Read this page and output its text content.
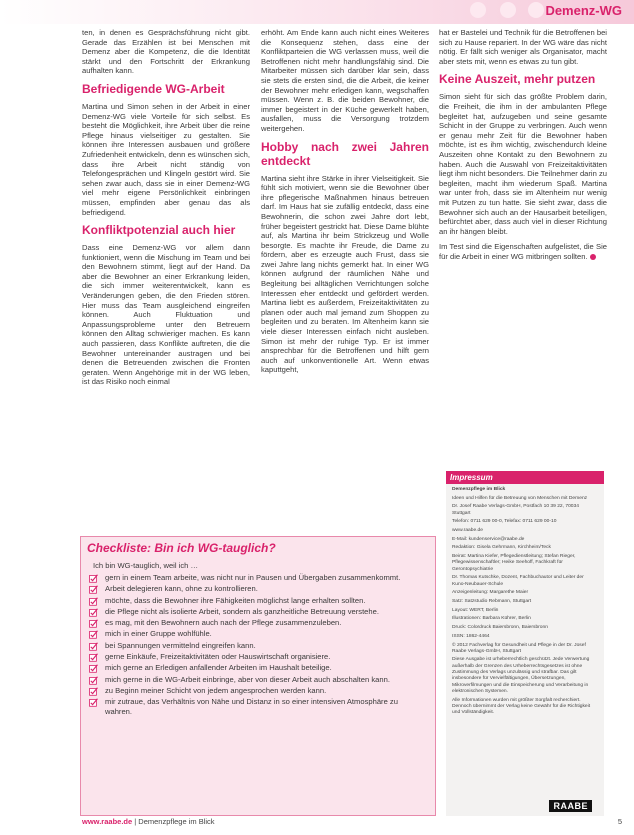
Demenz-WG

ten, in denen es Gesprächsführung nicht gibt. Gerade das Erzählen ist bei Menschen mit Demenz aber die Kompetenz, die die Identität stärkt und den Fortschritt der Erkrankung aufhalten kann.

Befriedigende WG-Arbeit

Martina und Simon sehen in der Arbeit in einer Demenz-WG viele Vorteile für sich selbst. Es besteht die Möglichkeit, ihre Arbeit über die reine Pflege hinaus vielseitiger zu gestalten. Sie können ihre Interessen ausbauen und größere Zufriedenheit entwickeln, denn es wünschen sich, dass ihre Arbeit nicht ständig von Telefongesprächen und Klingeln gestört wird. Sie sehen zwar auch, dass sie in einer Demenz-WG viel mehr eigene Persönlichkeit einbringen müssen, empfinden aber genau das als befriedigend.

Konfliktpotenzial auch hier

Dass eine Demenz-WG vor allem dann funktioniert, wenn die Mischung im Team und bei den Bewohnern stimmt, liegt auf der Hand. Da aber die Bewohner an einer Erkrankung leiden, die sich immer weiterentwickelt, kann es Veränderungen geben, die den Frieden stören. Hier muss das Team ausgleichend eingreifen können. Auch Fluktuation und Anpassungsprobleme unter den Betreuern können den Alltag schwieriger machen. Es kann auch passieren, dass Konflikte auftreten, die die Bewohner untereinander austragen und bei denen die Betreuenden zwischen die Fronten geraten. Wenn Angehörige mit in der WG leben, ist das Risiko noch einmal

erhöht. Am Ende kann auch nicht eines Weiteres die Konsequenz stehen, dass eine der Konfliktparteien die WG verlassen muss, weil die Betroffenen nicht mehr handlungsfähig sind. Die Mitarbeiter müssen sich darüber klar sein, dass sie stets die ersten sind, die die Arbeit, die keiner der Bewohner mehr erledigen kann, wegschaffen müssen. Wenn z. B. die beiden Bewohner, die immer begeistert in der Küche gewerkelt haben, ausfallen, muss die Versorgung trotzdem weitergehen.

Hobby nach zwei Jahren entdeckt

Martina sieht ihre Stärke in ihrer Vielseitigkeit. Sie fühlt sich motiviert, wenn sie die Bewohner über ihre pflegerische Maßnahmen hinaus betreuen darf. Im Haus hat sie zufällig entdeckt, dass eine Bewohnerin, die schon zwei Jahre dort lebt, früher begeistert gestrickt hat. Diese Dame blühte auf, als Martina ihr beim Strickzeug und Wolle besorgte. Es machte ihr Freude, die Dame zu fördern, aber es erzeugte auch Frust, dass sie zwei Jahre lang nichts gemerkt hat. In einer WG können aufgrund der räumlichen Nähe und Begleitung bei alltäglichen Verrichtungen solche Interessen eher entdeckt und gefördert werden. Martina liebt es außerdem, Freizeitaktivitäten zu planen oder auch mal jemand zum Shoppen zu begleiten und zu beraten. Im Altenheim kann sie viele dieser Interessen einfach nicht ausleben. Simon ist mehr der ruhige Typ. Er ist immer ansprechbar für die Betroffenen und hilft gern auch auf unkonventionelle Art. Wenn etwas kaputtgeht,

hat er Bastelei und Technik für die Betroffenen bei sich zu Hause repariert. In der WG wäre das nicht nötig. Er fällt sich weniger als Organisator, macht aber stets mit, wenn es etwas zu tun gibt.

Keine Auszeit, mehr putzen

Simon sieht für sich das größte Problem darin, die Freiheit, die ihm in der ambulanten Pflege begleitet hat, aufzugeben und seine gesamte Schicht in der Gruppe zu verbringen. Auch wenn er genau mehr Zeit für die Bewohner haben möchte, ist es ihm wichtig, zwischendurch kleine Auszeiten ohne Kontakt zu den Bewohnern zu haben. Auch die Auswahl von Freizeitaktivitäten liegt ihm nicht besonders. Die Teilnehmer darin zu begleiten, macht ihm wiederum Spaß. Martina war unter froh, dass sie im Altenheim nur wenig mit Putzen zu tun hatte. Sie sieht zwar, dass die Bewohner sich auch an der Hausarbeit beteiligen, befürchtet aber, dass auch viel in dieser Richtung an ihr hängen bleibt.

Im Test sind die Eigenschaften aufgelistet, die Sie für die Arbeit in einer WG mitbringen sollten.

Impressum

Demenzpflege im Blick

Ideen und Hilfen für die Betreuung von Menschen mit Demenz

Dr. Josef Raabe Verlags-GmbH, Postfach 10 39 22, 70034 Stuttgart

Telefon: 0711 629 00-0, Telefax: 0711 629 00-10

www.raabe.de

E-Mail: kundenservice@raabe.de

Redaktion: Gisela Gehrmann, Kirchheim/Teck

Beirat: Martina Kiefer, Pflegedienstleitung; Stefan Rieger, Pflegewissenschaftler; Heike Seehoff, Fachkraft für Gerontopsychiatrie

Dr. Thomas Kutschke, Dozent, Fachbuchautor und Leiter der Kuno-Neubauer-Schule

Anzeigenleitung: Margarethe Maier

Satz: Satzstudio Rebmann, Stuttgart

Layout: WERT, Berlin

Illustrationen: Barbara Kührer, Berlin

Druck: Colordruck Baiersbronn, Baiersbronn

ISSN: 1862-4464

© 2012 Fachverlag für Gesundheit und Pflege in der Dr. Josef Raabe Verlags-GmbH, Stuttgart

Diese Ausgabe ist urheberrechtlich geschützt. Jede Verwertung außerhalb der Grenzen des Urheberrechtsgesetzes ist ohne Zustimmung des Verlags unzulässig und strafbar. Das gilt insbesondere für Vervielfältigungen, Übersetzungen, Mikroverfilmungen und die Einspeicherung und Verarbeitung in elektronischen Systemen.

Alle Informationen wurden mit größter Sorgfalt recherchiert. Dennoch übernimmt der Verlag keine Gewähr für die Richtigkeit und Vollständigkeit.

RAABE
Checkliste: Bin ich WG-tauglich?
Ich bin WG-tauglich, weil ich …
gern in einem Team arbeite, was nicht nur in Pausen und Übergaben zusammenkommt.
Arbeit delegieren kann, ohne zu kontrollieren.
möchte, dass die Bewohner ihre Fähigkeiten möglichst lange erhalten sollten.
die Pflege nicht als isolierte Arbeit, sondern als ganzheitliche Betreuung verstehe.
es mag, mit den Bewohnern auch nach der Pflege zusammenzuleben.
mich in einer Gruppe wohlfühle.
bei Spannungen vermittelnd eingreifen kann.
gerne Einkäufe, Freizeitaktivitäten oder Hauswirtschaft organisiere.
mich gerne an Erledigen anfallender Arbeiten im Haushalt beteilige.
mich gerne in die WG-Arbeit einbringe, aber von dieser Arbeit auch abschalten kann.
zu Beginn meiner Schicht von jedem angesprochen werden kann.
mir zutraue, das Verhältnis von Nähe und Distanz in so einer intensiven Atmosphäre zu wahren.
www.raabe.de | Demenzpflege im Blick	5
